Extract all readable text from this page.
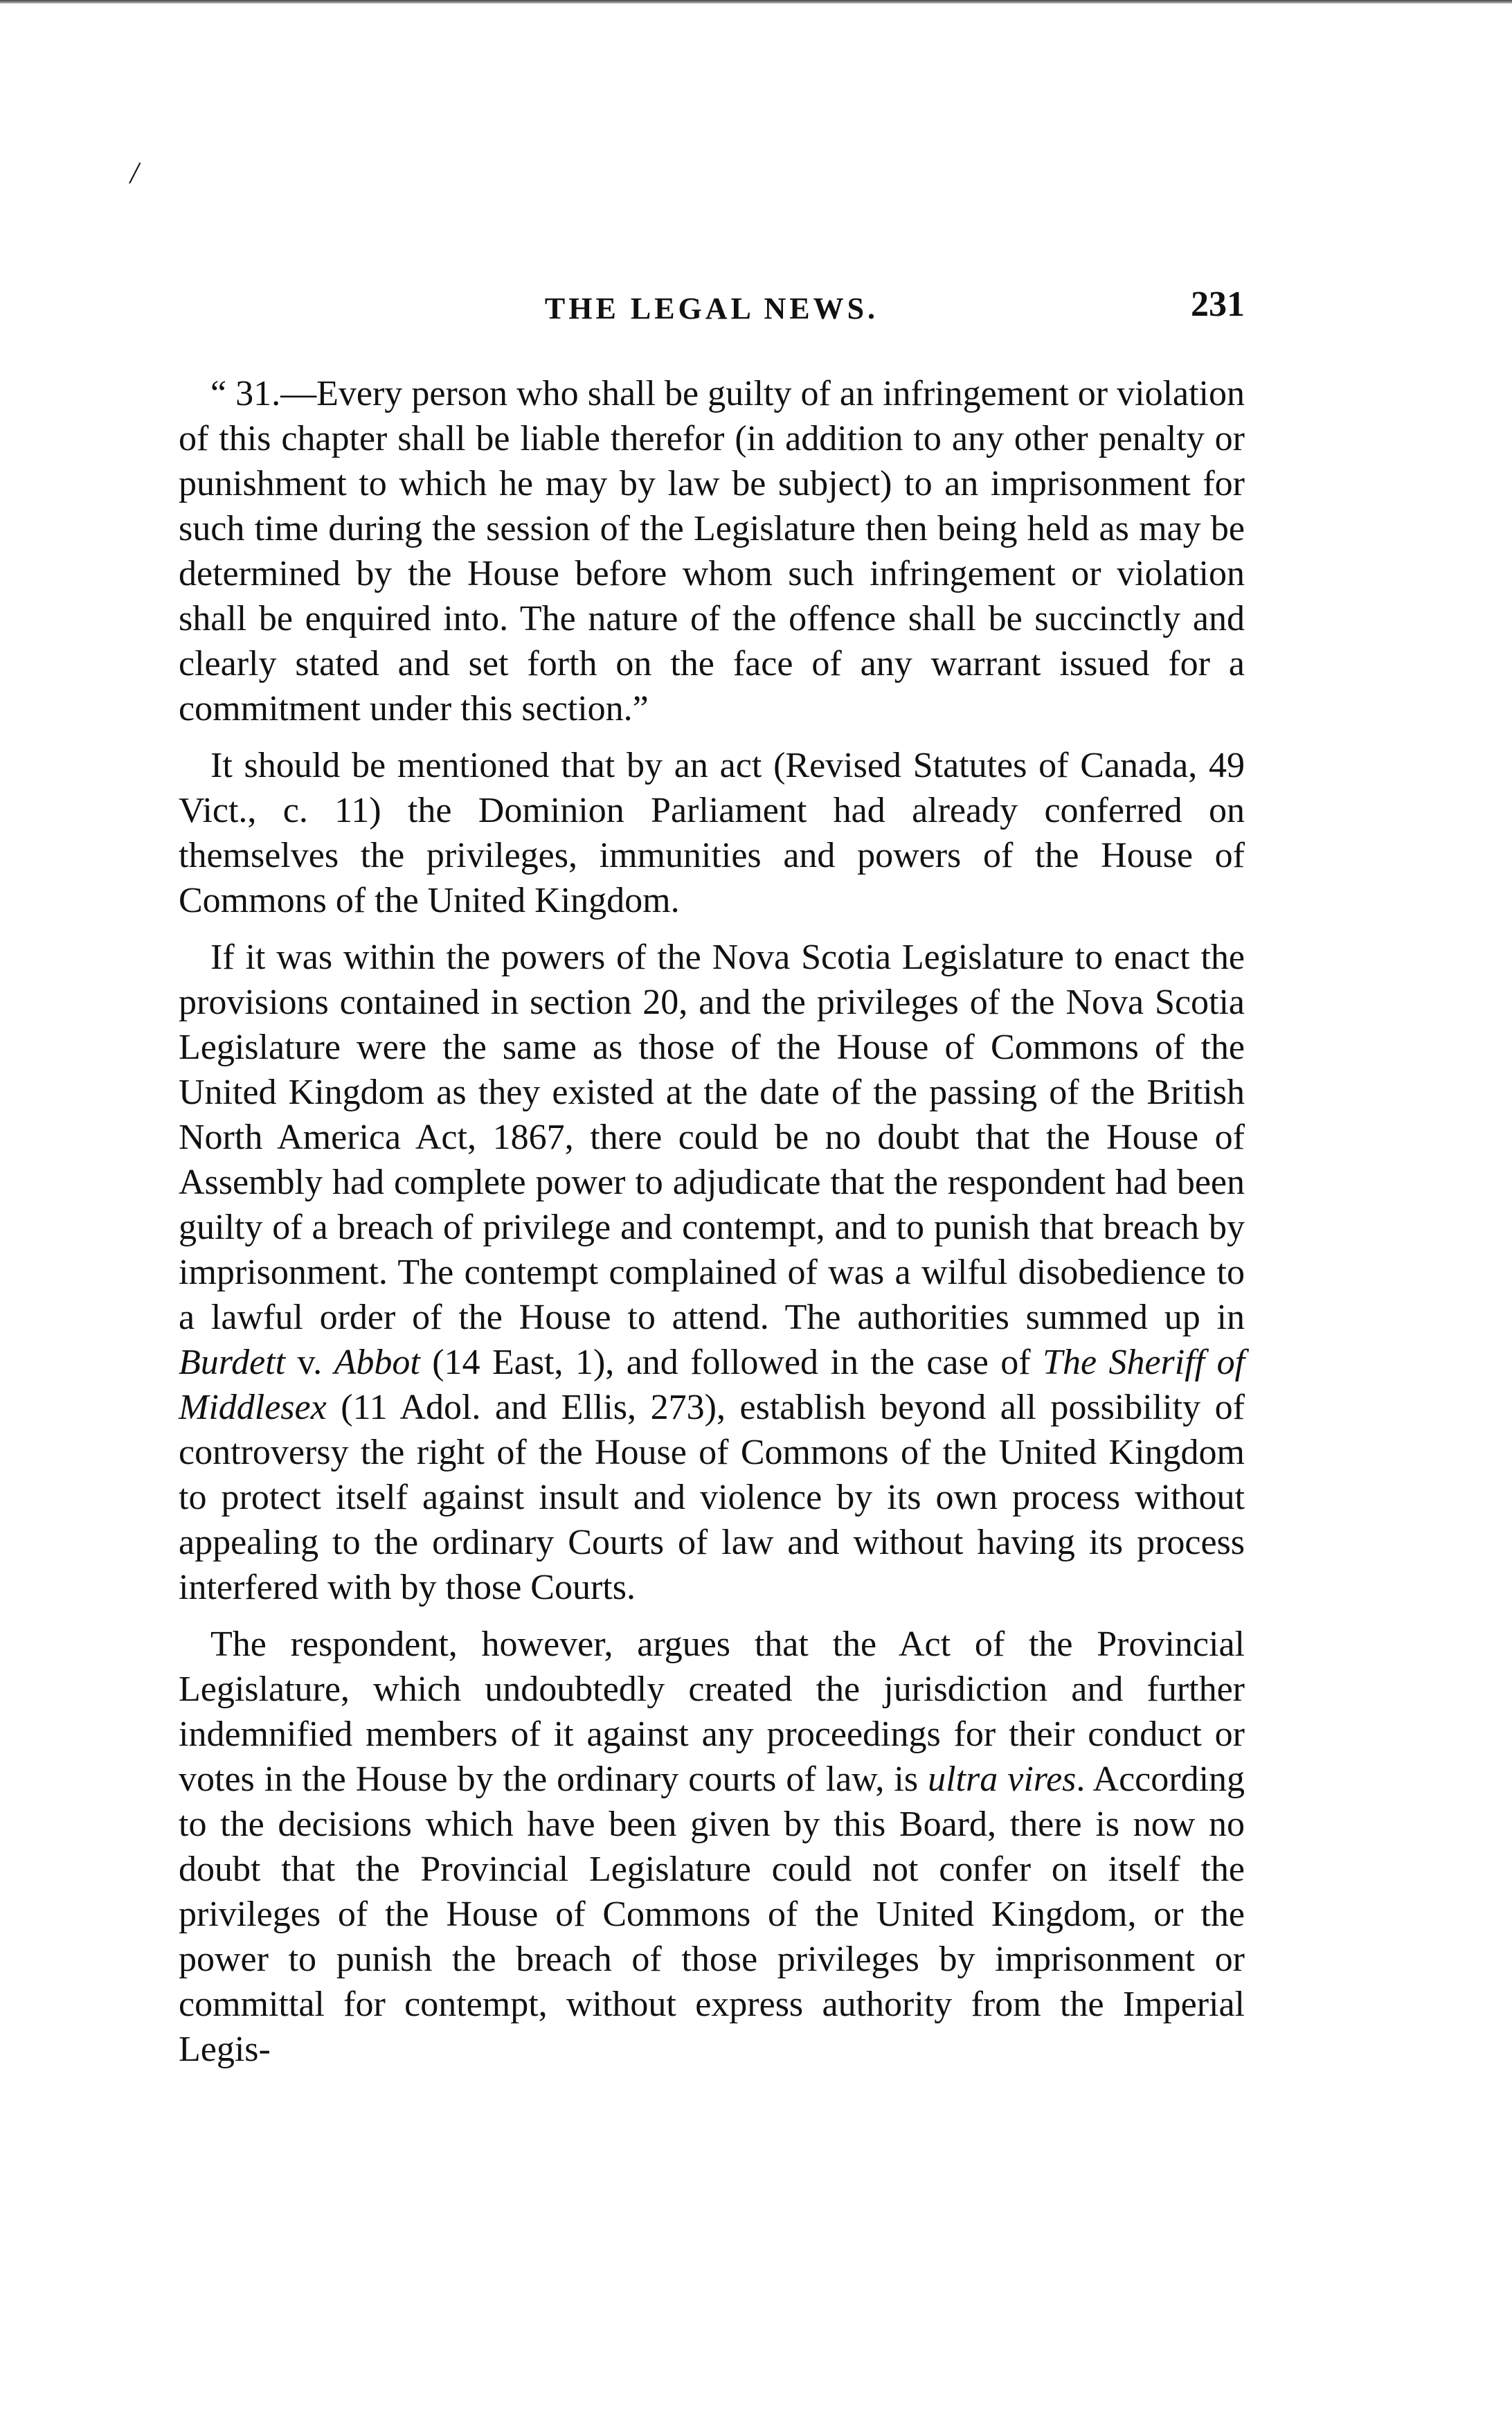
/
THE LEGAL NEWS.	231

“ 31.—Every person who shall be guilty of an infringement or violation of this chapter shall be liable therefor (in addition to any other penalty or punishment to which he may by law be subject) to an imprisonment for such time during the session of the Legislature then being held as may be determined by the House before whom such infringement or violation shall be enquired into. The nature of the offence shall be succinctly and clearly stated and set forth on the face of any warrant issued for a commitment under this section.”

It should be mentioned that by an act (Revised Statutes of Canada, 49 Vict., c. 11) the Dominion Parliament had already conferred on themselves the privileges, immunities and powers of the House of Commons of the United Kingdom.

If it was within the powers of the Nova Scotia Legislature to enact the provisions contained in section 20, and the privileges of the Nova Scotia Legislature were the same as those of the House of Commons of the United Kingdom as they existed at the date of the passing of the British North America Act, 1867, there could be no doubt that the House of Assembly had complete power to adjudicate that the respondent had been guilty of a breach of privilege and contempt, and to punish that breach by imprisonment. The contempt complained of was a wilful disobedience to a lawful order of the House to attend. The authorities summed up in Burdett v. Abbot (14 East, 1), and followed in the case of The Sheriff of Middlesex (11 Adol. and Ellis, 273), establish beyond all possibility of controversy the right of the House of Commons of the United Kingdom to protect itself against insult and violence by its own process without appealing to the ordinary Courts of law and without having its process interfered with by those Courts.

The respondent, however, argues that the Act of the Provincial Legislature, which undoubtedly created the jurisdiction and further indemnified members of it against any proceedings for their conduct or votes in the House by the ordinary courts of law, is ultra vires. According to the decisions which have been given by this Board, there is now no doubt that the Provincial Legislature could not confer on itself the privileges of the House of Commons of the United Kingdom, or the power to punish the breach of those privileges by imprisonment or committal for contempt, without express authority from the Imperial Legis-
